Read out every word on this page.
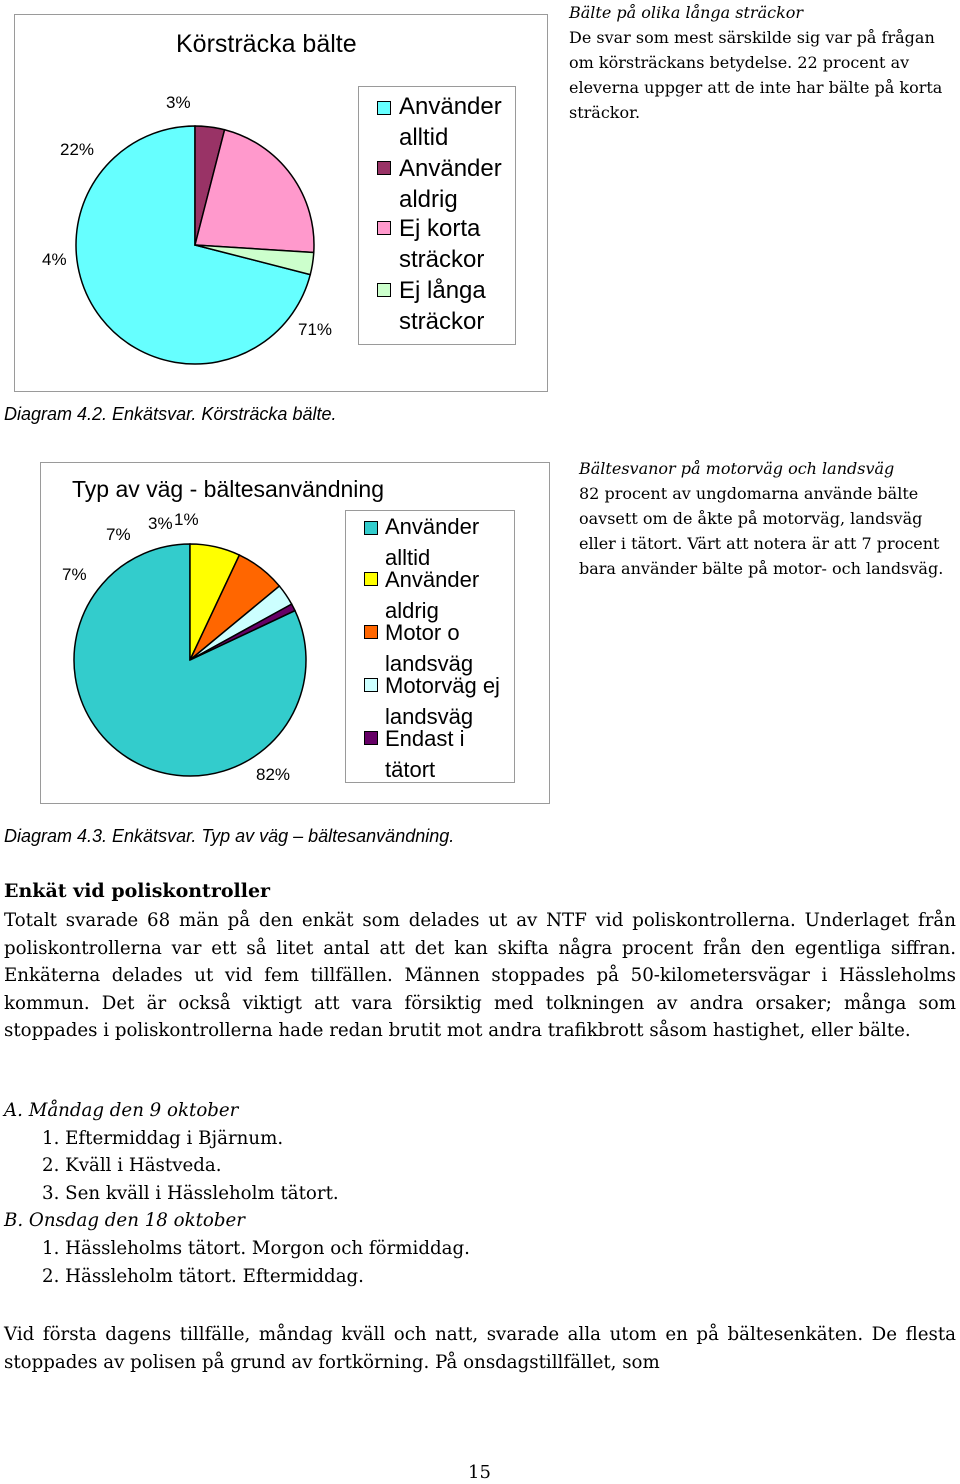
Körsträcka bälte
22%
3%
4%
71%
Använder alltid
Använder aldrig
Ej korta sträckor
Ej långa sträckor
Bälte på olika långa sträckor
De svar som mest särskilde sig var på frågan om körsträckans betydelse. 22 procent av eleverna uppger att de inte har bälte på korta sträckor.
Diagram 4.2. Enkätsvar. Körsträcka bälte.
Typ av väg - bältesanvändning
7%
7%
3% 1%
82%
Använder alltid
Använder aldrig
Motor o landsväg
Motorväg ej landsväg
Endast i tätort
Bältesvanor på motorväg och landsväg
82 procent av ungdomarna använde bälte oavsett om de åkte på motorväg, landsväg eller i tätort. Värt att notera är att 7 procent bara använder bälte på motor- och landsväg.
Diagram 4.3. Enkätsvar. Typ av väg – bältesanvändning.
Enkät vid poliskontroller
Totalt svarade 68 män på den enkät som delades ut av NTF vid poliskontrollerna. Underlaget från poliskontrollerna var ett så litet antal att det kan skifta några procent från den egentliga siffran. Enkäterna delades ut vid fem tillfällen. Männen stoppades på 50-kilometersvägar i Hässleholms kommun. Det är också viktigt att vara försiktig med tolkningen av andra orsaker; många som stoppades i poliskontrollerna hade redan brutit mot andra trafikbrott såsom hastighet, eller bälte.
A. Måndag den 9 oktober
1. Eftermiddag i Bjärnum.
2. Kväll i Hästveda.
3. Sen kväll i Hässleholm tätort.
B. Onsdag den 18 oktober
1. Hässleholms tätort. Morgon och förmiddag.
2. Hässleholm tätort. Eftermiddag.
Vid första dagens tillfälle, måndag kväll och natt, svarade alla utom en på bältesenkäten. De flesta stoppades av polisen på grund av fortkörning. På onsdagstillfället, som
15
